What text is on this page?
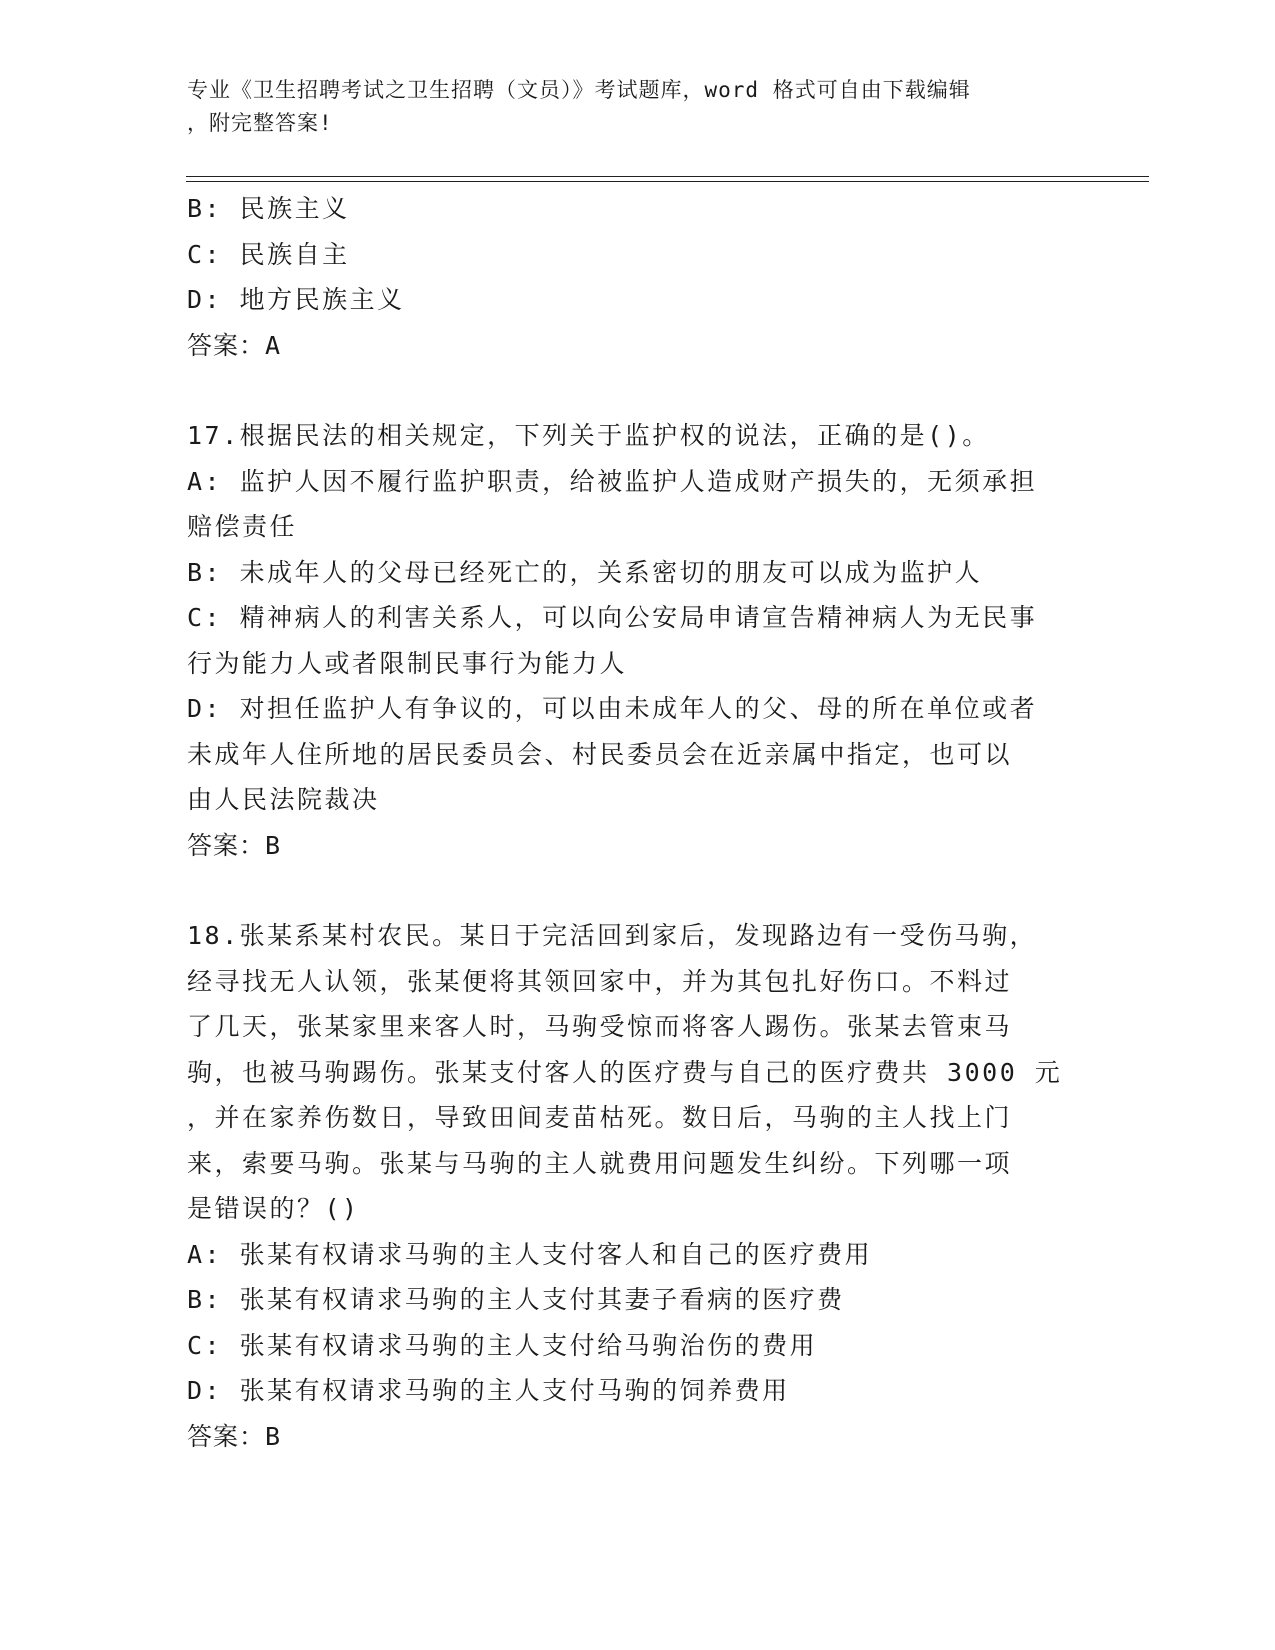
专业《卫生招聘考试之卫生招聘（文员）》考试题库，word 格式可自由下载编辑
，附完整答案!

B: 民族主义

C: 民族自主

D: 地方民族主义

答案：A

17.根据民法的相关规定，下列关于监护权的说法，正确的是()。

A: 监护人因不履行监护职责，给被监护人造成财产损失的，无须承担

赔偿责任

B: 未成年人的父母已经死亡的，关系密切的朋友可以成为监护人

C: 精神病人的利害关系人，可以向公安局申请宣告精神病人为无民事

行为能力人或者限制民事行为能力人

D: 对担任监护人有争议的，可以由未成年人的父、母的所在单位或者

未成年人住所地的居民委员会、村民委员会在近亲属中指定，也可以

由人民法院裁决

答案：B

18.张某系某村农民。某日于完活回到家后，发现路边有一受伤马驹，

经寻找无人认领，张某便将其领回家中，并为其包扎好伤口。不料过

了几天，张某家里来客人时，马驹受惊而将客人踢伤。张某去管束马

驹，也被马驹踢伤。张某支付客人的医疗费与自己的医疗费共 3000 元

，并在家养伤数日，导致田间麦苗枯死。数日后，马驹的主人找上门

来，索要马驹。张某与马驹的主人就费用问题发生纠纷。下列哪一项

是错误的？()

A: 张某有权请求马驹的主人支付客人和自己的医疗费用

B: 张某有权请求马驹的主人支付其妻子看病的医疗费

C: 张某有权请求马驹的主人支付给马驹治伤的费用

D: 张某有权请求马驹的主人支付马驹的饲养费用

答案：B
